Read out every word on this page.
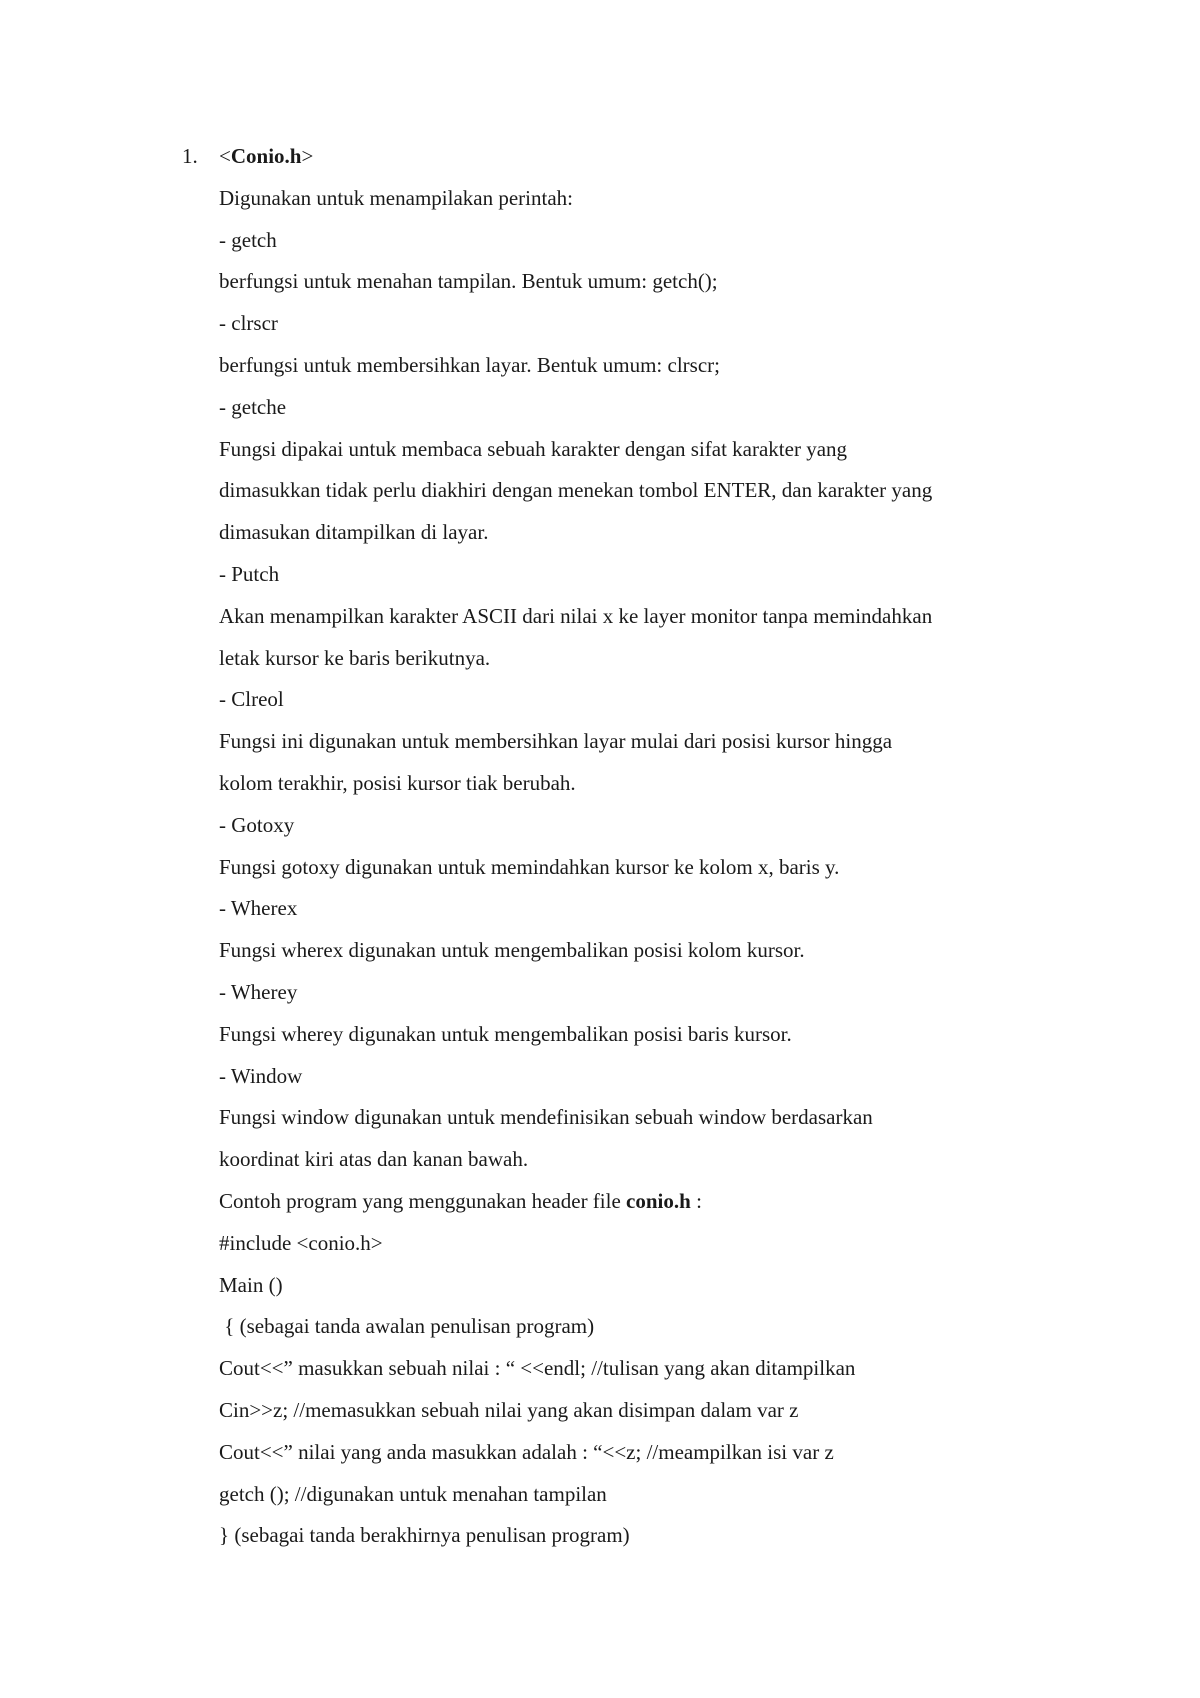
1. <Conio.h>
Digunakan untuk menampilakan perintah:
- getch
berfungsi untuk menahan tampilan. Bentuk umum: getch();
- clrscr
berfungsi untuk membersihkan layar. Bentuk umum: clrscr;
- getche
Fungsi dipakai untuk membaca sebuah karakter dengan sifat karakter yang
dimasukkan tidak perlu diakhiri dengan menekan tombol ENTER, dan karakter yang
dimasukan ditampilkan di layar.
- Putch
Akan menampilkan karakter ASCII dari nilai x ke layer monitor tanpa memindahkan
letak kursor ke baris berikutnya.
- Clreol
Fungsi ini digunakan untuk membersihkan layar mulai dari posisi kursor hingga
kolom terakhir, posisi kursor tiak berubah.
- Gotoxy
Fungsi gotoxy digunakan untuk memindahkan kursor ke kolom x, baris y.
- Wherex
Fungsi wherex digunakan untuk mengembalikan posisi kolom kursor.
- Wherey
Fungsi wherey digunakan untuk mengembalikan posisi baris kursor.
- Window
Fungsi window digunakan untuk mendefinisikan sebuah window berdasarkan
koordinat kiri atas dan kanan bawah.
Contoh program yang menggunakan header file conio.h :
#include <conio.h>
Main ()
{ (sebagai tanda awalan penulisan program)
Cout<<” masukkan sebuah nilai : “ <<endl; //tulisan yang akan ditampilkan
Cin>>z; //memasukkan sebuah nilai yang akan disimpan dalam var z
Cout<<” nilai yang anda masukkan adalah : “<<z; //meampilkan isi var z
getch (); //digunakan untuk menahan tampilan
} (sebagai tanda berakhirnya penulisan program)
